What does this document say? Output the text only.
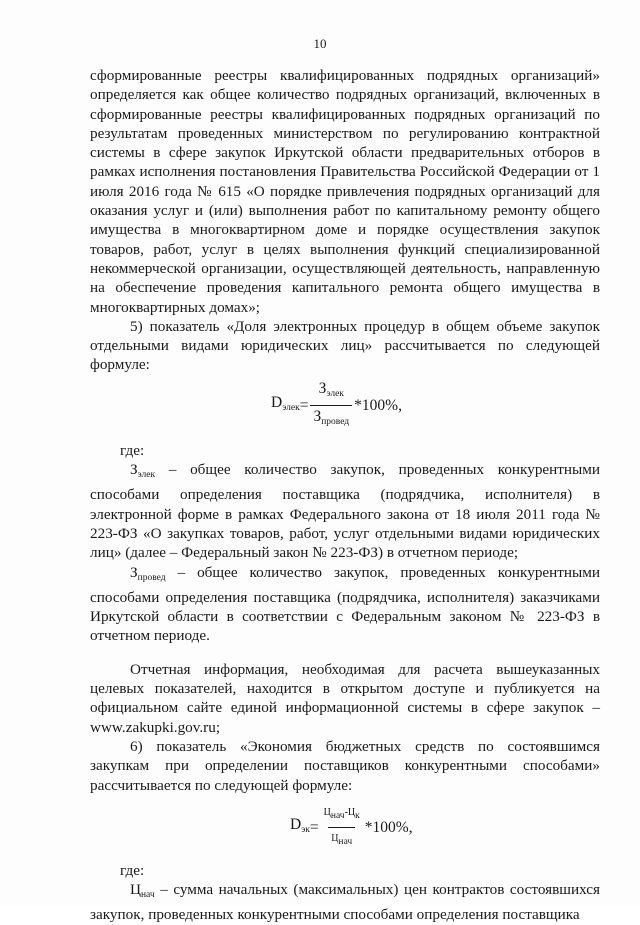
10

сформированные реестры квалифицированных подрядных организаций» определяется как общее количество подрядных организаций, включенных в сформированные реестры квалифицированных подрядных организаций по результатам проведенных министерством по регулированию контрактной системы в сфере закупок Иркутской области предварительных отборов в рамках исполнения постановления Правительства Российской Федерации от 1 июля 2016 года № 615 «О порядке привлечения подрядных организаций для оказания услуг и (или) выполнения работ по капитальному ремонту общего имущества в многоквартирном доме и порядке осуществления закупок товаров, работ, услуг в целях выполнения функций специализированной некоммерческой организации, осуществляющей деятельность, направленную на обеспечение проведения капитального ремонта общего имущества в многоквартирных домах»;

5) показатель «Доля электронных процедур в общем объеме закупок отдельными видами юридических лиц» рассчитывается по следующей формуле:

$D_{элек} = \frac{З_{элек}}{З_{провед}} *100\%$,

где:

$З_{элек}$ – общее количество закупок, проведенных конкурентными способами определения поставщика (подрядчика, исполнителя) в электронной форме в рамках Федерального закона от 18 июля 2011 года № 223-ФЗ «О закупках товаров, работ, услуг отдельными видами юридических лиц» (далее – Федеральный закон № 223-ФЗ) в отчетном периоде;

$З_{провед}$ – общее количество закупок, проведенных конкурентными способами определения поставщика (подрядчика, исполнителя) заказчиками Иркутской области в соответствии с Федеральным законом № 223-ФЗ в отчетном периоде.

Отчетная информация, необходимая для расчета вышеуказанных целевых показателей, находится в открытом доступе и публикуется на официальном сайте единой информационной системы в сфере закупок – www.zakupki.gov.ru;

6) показатель «Экономия бюджетных средств по состоявшимся закупкам при определении поставщиков конкурентными способами» рассчитывается по следующей формуле:

$D_{эк} = \frac{\text{Цнач-Цк}}{\text{Цнач}} *100\%$,

где:

$Ц_{нач}$ – сумма начальных (максимальных) цен контрактов состоявшихся закупок, проведенных конкурентными способами определения поставщика
